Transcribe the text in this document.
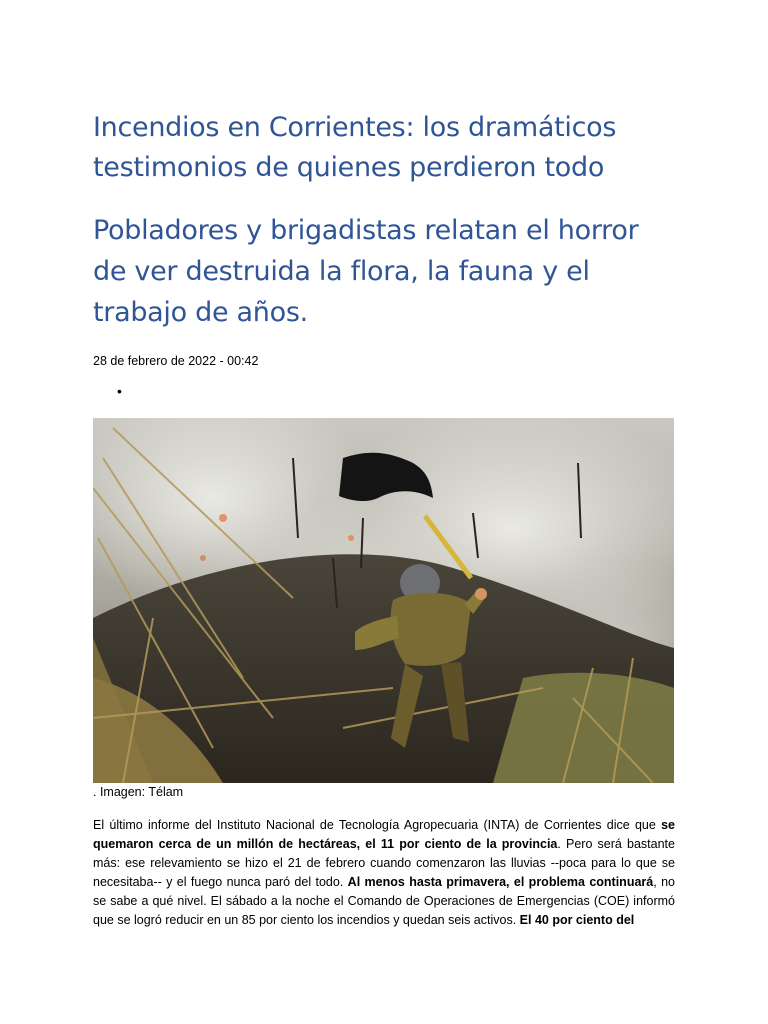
Incendios en Corrientes: los dramáticos testimonios de quienes perdieron todo
Pobladores y brigadistas relatan el horror de ver destruida la flora, la fauna y el trabajo de años.
28 de febrero de 2022 - 00:42
•
. Imagen: Télam

El último informe del Instituto Nacional de Tecnología Agropecuaria (INTA) de Corrientes dice que se quemaron cerca de un millón de hectáreas, el 11 por ciento de la provincia. Pero será bastante más: ese relevamiento se hizo el 21 de febrero cuando comenzaron las lluvias --poca para lo que se necesitaba-- y el fuego nunca paró del todo. Al menos hasta primavera, el problema continuará, no se sabe a qué nivel. El sábado a la noche el Comando de Operaciones de Emergencias (COE) informó que se logró reducir en un 85 por ciento los incendios y quedan seis activos. El 40 por ciento del
